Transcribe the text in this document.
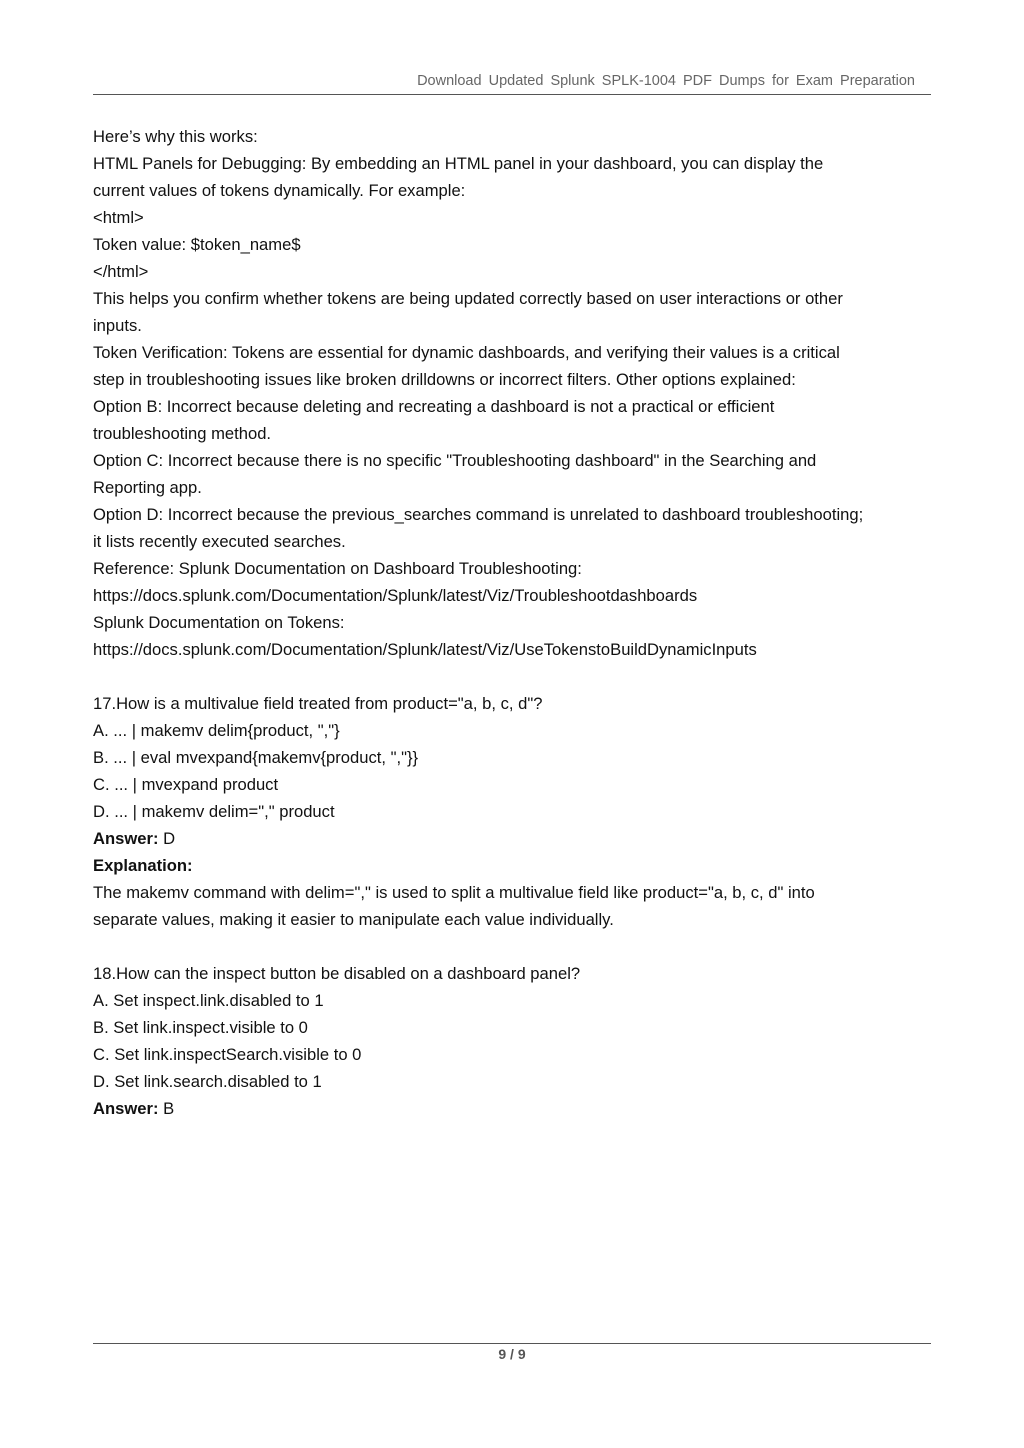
Download Updated Splunk SPLK-1004 PDF Dumps for Exam Preparation
Here’s why this works:
HTML Panels for Debugging: By embedding an HTML panel in your dashboard, you can display the
current values of tokens dynamically. For example:
<html>
Token value: $token_name$
</html>
This helps you confirm whether tokens are being updated correctly based on user interactions or other
inputs.
Token Verification: Tokens are essential for dynamic dashboards, and verifying their values is a critical
step in troubleshooting issues like broken drilldowns or incorrect filters. Other options explained:
Option B: Incorrect because deleting and recreating a dashboard is not a practical or efficient
troubleshooting method.
Option C: Incorrect because there is no specific "Troubleshooting dashboard" in the Searching and
Reporting app.
Option D: Incorrect because the previous_searches command is unrelated to dashboard troubleshooting;
it lists recently executed searches.
Reference: Splunk Documentation on Dashboard Troubleshooting:
https://docs.splunk.com/Documentation/Splunk/latest/Viz/Troubleshootdashboards
Splunk Documentation on Tokens:
https://docs.splunk.com/Documentation/Splunk/latest/Viz/UseTokenstoBuildDynamicInputs
17.How is a multivalue field treated from product="a, b, c, d"?
A. ... | makemv delim{product, ","}
B. ... | eval mvexpand{makemv{product, ","}}
C. ... | mvexpand product
D. ... | makemv delim="," product
Answer: D
Explanation:
The makemv command with delim="," is used to split a multivalue field like product="a, b, c, d" into
separate values, making it easier to manipulate each value individually.
18.How can the inspect button be disabled on a dashboard panel?
A. Set inspect.link.disabled to 1
B. Set link.inspect.visible to 0
C. Set link.inspectSearch.visible to 0
D. Set link.search.disabled to 1
Answer: B
9 / 9
